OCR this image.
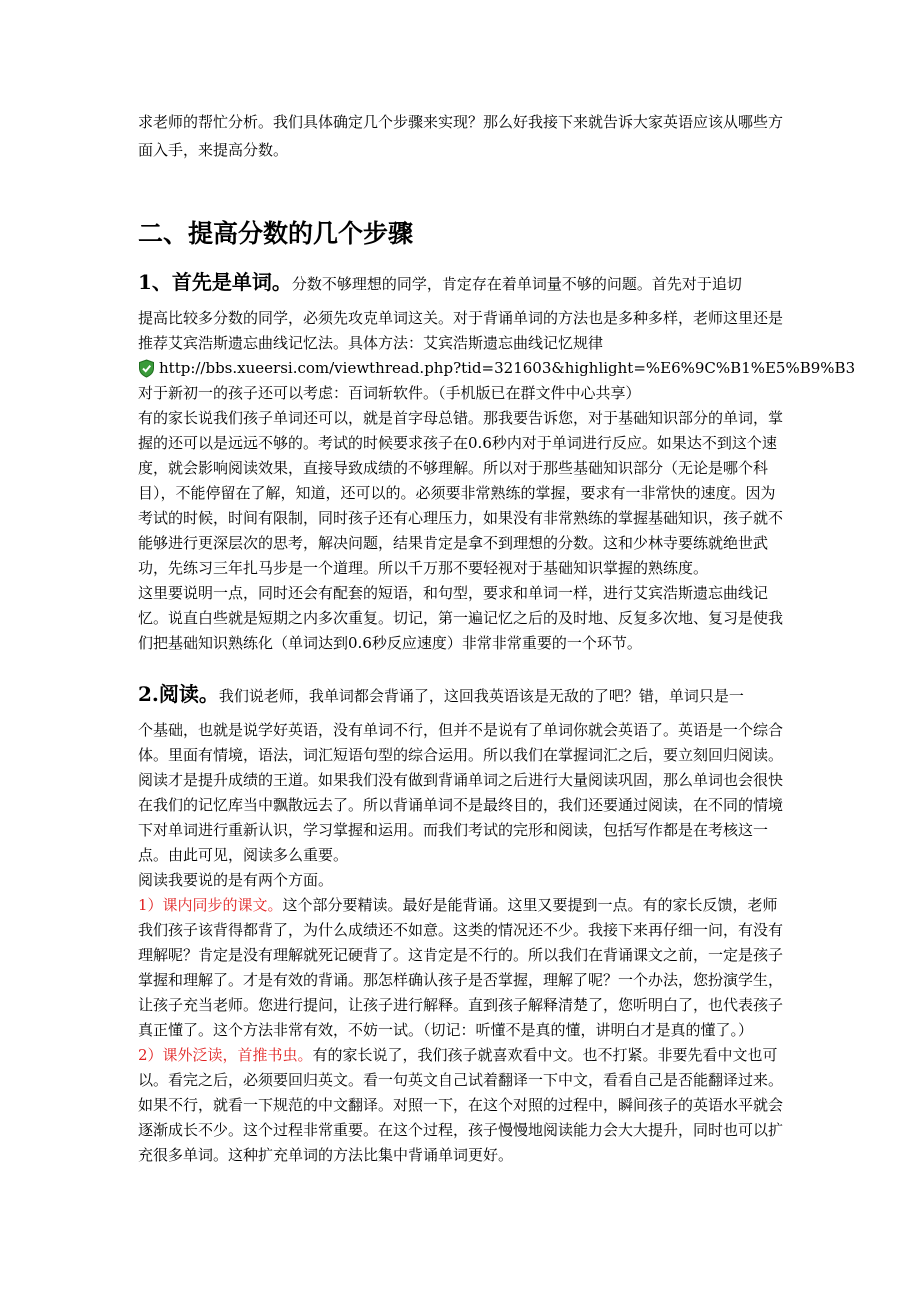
求老师的帮忙分析。我们具体确定几个步骤来实现？那么好我接下来就告诉大家英语应该从哪些方面入手，来提高分数。
二、提高分数的几个步骤
1、首先是单词。分数不够理想的同学，肯定存在着单词量不够的问题。首先对于追切

提高比较多分数的同学，必须先攻克单词这关。对于背诵单词的方法也是多种多样，老师这里还是推荐艾宾浩斯遗忘曲线记忆法。具体方法：艾宾浩斯遗忘曲线记忆规律

http://bbs.xueersi.com/viewthread.php?tid=321603&highlight=%E6%9C%B1%E5%B9%B3

对于新初一的孩子还可以考虑：百词斩软件。（手机版已在群文件中心共享）

有的家长说我们孩子单词还可以，就是首字母总错。那我要告诉您，对于基础知识部分的单词，掌握的还可以是远远不够的。考试的时候要求孩子在0.6秒内对于单词进行反应。如果达不到这个速度，就会影响阅读效果，直接导致成绩的不够理解。所以对于那些基础知识部分（无论是哪个科目），不能停留在了解，知道，还可以的。必须要非常熟练的掌握，要求有一非常快的速度。因为考试的时候，时间有限制，同时孩子还有心理压力，如果没有非常熟练的掌握基础知识，孩子就不能够进行更深层次的思考，解决问题，结果肯定是拿不到理想的分数。这和少林寺要练就绝世武功，先练习三年扎马步是一个道理。所以千万那不要轻视对于基础知识掌握的熟练度。

这里要说明一点，同时还会有配套的短语，和句型，要求和单词一样，进行艾宾浩斯遗忘曲线记忆。说直白些就是短期之内多次重复。切记，第一遍记忆之后的及时地、反复多次地、复习是使我们把基础知识熟练化（单词达到0.6秒反应速度）非常非常重要的一个环节。

2.阅读。我们说老师，我单词都会背诵了，这回我英语该是无敌的了吧？错，单词只是一

个基础，也就是说学好英语，没有单词不行，但并不是说有了单词你就会英语了。英语是一个综合体。里面有情境，语法，词汇短语句型的综合运用。所以我们在掌握词汇之后，要立刻回归阅读。阅读才是提升成绩的王道。如果我们没有做到背诵单词之后进行大量阅读巩固，那么单词也会很快在我们的记忆库当中飘散远去了。所以背诵单词不是最终目的，我们还要通过阅读，在不同的情境下对单词进行重新认识，学习掌握和运用。而我们考试的完形和阅读，包括写作都是在考核这一点。由此可见，阅读多么重要。

阅读我要说的是有两个方面。

1）课内同步的课文。这个部分要精读。最好是能背诵。这里又要提到一点。有的家长反馈，老师我们孩子该背得都背了，为什么成绩还不如意。这类的情况还不少。我接下来再仔细一问，有没有理解呢？肯定是没有理解就死记硬背了。这肯定是不行的。所以我们在背诵课文之前，一定是孩子掌握和理解了。才是有效的背诵。那怎样确认孩子是否掌握，理解了呢？一个办法，您扮演学生，让孩子充当老师。您进行提问，让孩子进行解释。直到孩子解释清楚了，您听明白了，也代表孩子真正懂了。这个方法非常有效，不妨一试。（切记：听懂不是真的懂，讲明白才是真的懂了。）

2）课外泛读，首推书虫。有的家长说了，我们孩子就喜欢看中文。也不打紧。非要先看中文也可以。看完之后，必须要回归英文。看一句英文自己试着翻译一下中文，看看自己是否能翻译过来。如果不行，就看一下规范的中文翻译。对照一下，在这个对照的过程中，瞬间孩子的英语水平就会逐渐成长不少。这个过程非常重要。在这个过程，孩子慢慢地阅读能力会大大提升，同时也可以扩充很多单词。这种扩充单词的方法比集中背诵单词更好。
